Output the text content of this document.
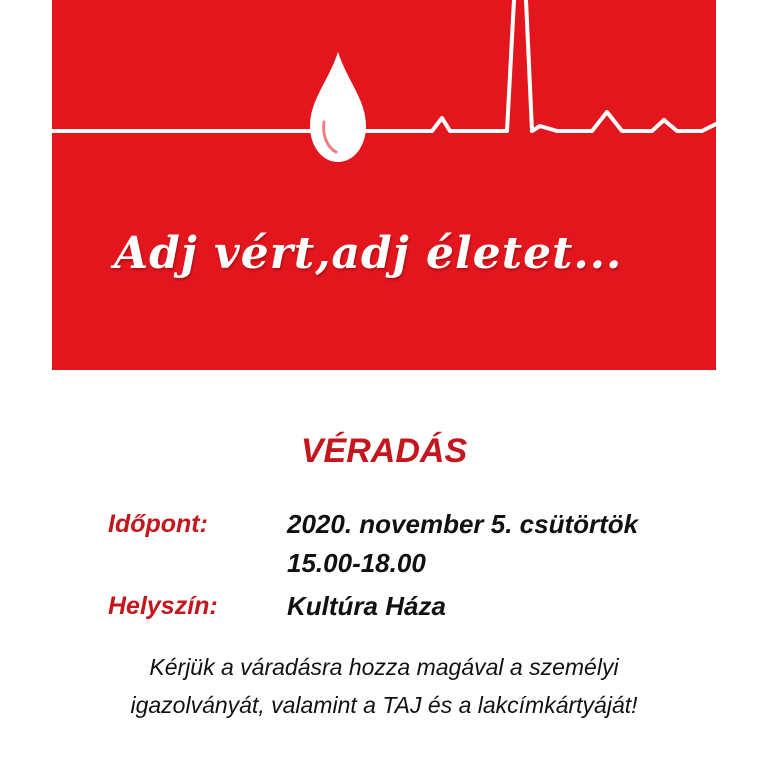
Adj vért,adj életet...
VÉRADÁS
Időpont:	2020. november 5. csütörtök
15.00-18.00
Helyszín:	Kultúra Háza
Kérjük a váradásra hozza magával a személyi
igazolványát, valamint a TAJ és a lakcímkártyáját!
